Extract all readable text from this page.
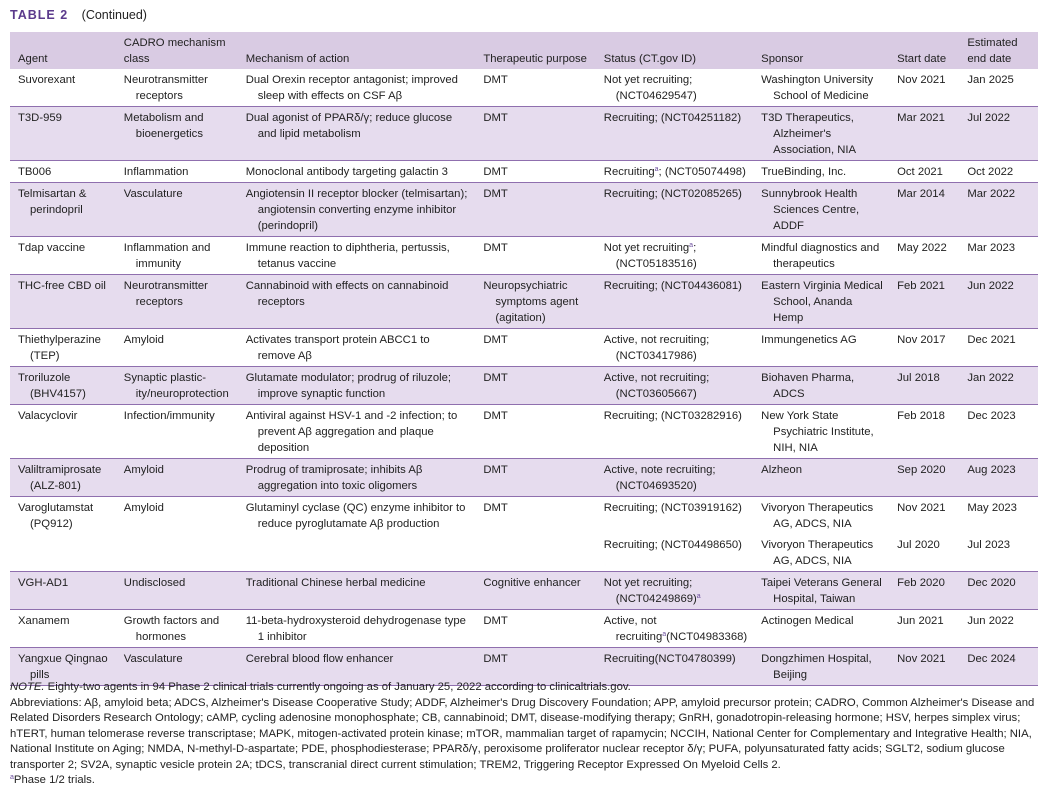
TABLE 2 (Continued)
Agent	CADRO mechanism class	Mechanism of action	Therapeutic purpose	Status (CT.gov ID)	Sponsor	Start date	Estimated end date

Suvorexant	Neurotransmitter receptors	Dual Orexin receptor antagonist; improved sleep with effects on CSF Aβ	DMT	Not yet recruiting; (NCT04629547)	Washington University School of Medicine	Nov 2021	Jan 2025

T3D-959	Metabolism and bioenergetics	Dual agonist of PPARδ/γ; reduce glucose and lipid metabolism	DMT	Recruiting; (NCT04251182)	T3D Therapeutics, Alzheimer's Association, NIA	Mar 2021	Jul 2022

TB006	Inflammation	Monoclonal antibody targeting galactin 3	DMT	Recruiting$^a$; (NCT05074498)	TrueBinding, Inc.	Oct 2021	Oct 2022

Telmisartan & perindopril	Vasculature	Angiotensin II receptor blocker (telmisartan); angiotensin converting enzyme inhibitor (perindopril)	DMT	Recruiting; (NCT02085265)	Sunnybrook Health Sciences Centre, ADDF	Mar 2014	Mar 2022

Tdap vaccine	Inflammation and immunity	Immune reaction to diphtheria, pertussis, tetanus vaccine	DMT	Not yet recruiting$^a$; (NCT05183516)	Mindful diagnostics and therapeutics	May 2022	Mar 2023

THC-free CBD oil	Neurotransmitter receptors	Cannabinoid with effects on cannabinoid receptors	Neuropsychiatric symptoms agent (agitation)	Recruiting; (NCT04436081)	Eastern Virginia Medical School, Ananda Hemp	Feb 2021	Jun 2022

Thiethylperazine (TEP)	Amyloid	Activates transport protein ABCC1 to remove Aβ	DMT	Active, not recruiting; (NCT03417986)	Immungenetics AG	Nov 2017	Dec 2021

Troriluzole (BHV4157)	Synaptic plastic-ity/neuroprotection	Glutamate modulator; prodrug of riluzole; improve synaptic function	DMT	Active, not recruiting; (NCT03605667)	Biohaven Pharma, ADCS	Jul 2018	Jan 2022

Valacyclovir	Infection/immunity	Antiviral against HSV-1 and -2 infection; to prevent Aβ aggregation and plaque deposition	DMT	Recruiting; (NCT03282916)	New York State Psychiatric Institute, NIH, NIA	Feb 2018	Dec 2023

Valiltramiprosate (ALZ-801)	Amyloid	Prodrug of tramiprosate; inhibits Aβ aggregation into toxic oligomers	DMT	Active, note recruiting; (NCT04693520)	Alzheon	Sep 2020	Aug 2023

Varoglutamstat (PQ912)	Amyloid	Glutaminyl cyclase (QC) enzyme inhibitor to reduce pyroglutamate Aβ production	DMT	Recruiting; (NCT03919162)	Vivoryon Therapeutics AG, ADCS, NIA	Nov 2021	May 2023

				Recruiting; (NCT04498650)	Vivoryon Therapeutics AG, ADCS, NIA	Jul 2020	Jul 2023

VGH-AD1	Undisclosed	Traditional Chinese herbal medicine	Cognitive enhancer	Not yet recruiting; $(NCT04249869)^a$	Taipei Veterans General Hospital, Taiwan	Feb 2020	Dec 2020

Xanamem	Growth factors and hormones	11-beta-hydroxysteroid dehydrogenase type 1 inhibitor	DMT	Active, not recruiting$^a$(NCT04983368)	Actinogen Medical	Jun 2021	Jun 2022

Yangxue Qingnao pills	Vasculature	Cerebral blood flow enhancer	DMT	Recruiting(NCT04780399)	Dongzhimen Hospital, Beijing	Nov 2021	Dec 2024

NOTE. Eighty-two agents in 94 Phase 2 clinical trials currently ongoing as of January 25, 2022 according to clinicaltrials.gov.

Abbreviations: Aβ, amyloid beta; ADCS, Alzheimer's Disease Cooperative Study; ADDF, Alzheimer's Drug Discovery Foundation; APP, amyloid precursor protein; CADRO, Common Alzheimer's Disease and Related Disorders Research Ontology; cAMP, cycling adenosine monophosphate; CB, cannabinoid; DMT, disease-modifying therapy; GnRH, gonadotropin-releasing hormone; HSV, herpes simplex virus; hTERT, human telomerase reverse transcriptase; MAPK, mitogen-activated protein kinase; mTOR, mammalian target of rapamycin; NCCIH, National Center for Complementary and Integrative Health; NIA, National Institute on Aging; NMDA, N-methyl-D-aspartate; PDE, phosphodiesterase; PPARδ/γ, peroxisome proliferator nuclear receptor δ/γ; PUFA, polyunsaturated fatty acids; SGLT2, sodium glucose transporter 2; SV2A, synaptic vesicle protein 2A; tDCS, transcranial direct current stimulation; TREM2, Triggering Receptor Expressed On Myeloid Cells 2.

$^a$Phase 1/2 trials.
